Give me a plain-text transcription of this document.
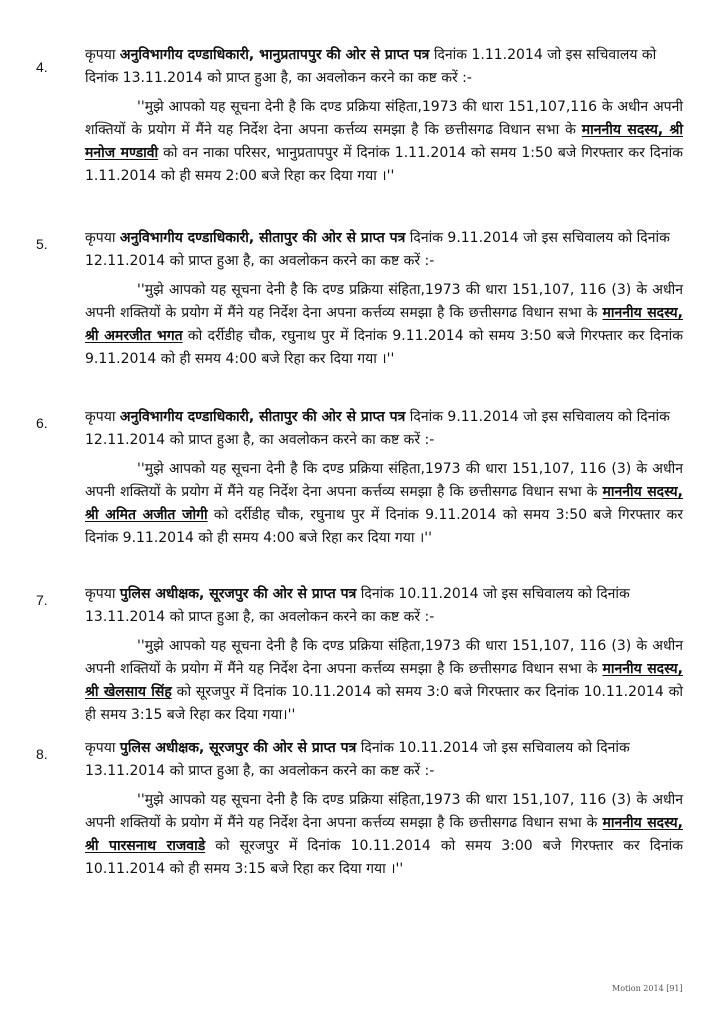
4.

कृपया अनुविभागीय दण्डाधिकारी, भानुप्रतापपुर की ओर से प्राप्त पत्र दिनांक 1.11.2014 जो इस सचिवालय को दिनांक 13.11.2014 को प्राप्त हुआ है, का अवलोकन करने का कष्ट करें :-

''मुझे आपको यह सूचना देनी है कि दण्ड प्रक्रिया संहिता,1973 की धारा 151,107,116 के अधीन अपनी शक्तियों के प्रयोग में मैंने यह निर्देश देना अपना कर्त्तव्य समझा है कि छत्तीसगढ विधान सभा के माननीय सदस्य, श्री मनोज मण्डावी को वन नाका परिसर, भानुप्रतापपुर में दिनांक 1.11.2014 को समय 1:50 बजे गिरफ्तार कर दिनांक 1.11.2014 को ही समय 2:00 बजे रिहा कर दिया गया ।''

5.	कृपया अनुविभागीय दण्डाधिकारी, सीतापुर की ओर से प्राप्त पत्र दिनांक 9.11.2014 जो इस सचिवालय को दिनांक 12.11.2014 को प्राप्त हुआ है, का अवलोकन करने का कष्ट करें :-

''मुझे आपको यह सूचना देनी है कि दण्ड प्रक्रिया संहिता,1973 की धारा 151,107, 116 (3) के अधीन अपनी शक्तियों के प्रयोग में मैंने यह निर्देश देना अपना कर्त्तव्य समझा है कि छत्तीसगढ विधान सभा के माननीय सदस्य, श्री अमरजीत भगत को दर्रीडीह चौक, रघुनाथ पुर में दिनांक 9.11.2014 को समय 3:50 बजे गिरफ्तार कर दिनांक 9.11.2014 को ही समय 4:00 बजे रिहा कर दिया गया ।''

6.	कृपया अनुविभागीय दण्डाधिकारी, सीतापुर की ओर से प्राप्त पत्र दिनांक 9.11.2014 जो इस सचिवालय को दिनांक 12.11.2014 को प्राप्त हुआ है, का अवलोकन करने का कष्ट करें :-

''मुझे आपको यह सूचना देनी है कि दण्ड प्रक्रिया संहिता,1973 की धारा 151,107, 116 (3) के अधीन अपनी शक्तियों के प्रयोग में मैंने यह निर्देश देना अपना कर्त्तव्य समझा है कि छत्तीसगढ विधान सभा के माननीय सदस्य, श्री अमित अजीत जोगी को दर्रीडीह चौक, रघुनाथ पुर में दिनांक 9.11.2014 को समय 3:50 बजे गिरफ्तार कर दिनांक 9.11.2014 को ही समय 4:00 बजे रिहा कर दिया गया ।''

7.	कृपया पुलिस अधीक्षक, सूरजपुर की ओर से प्राप्त पत्र दिनांक 10.11.2014 जो इस सचिवालय को दिनांक 13.11.2014 को प्राप्त हुआ है, का अवलोकन करने का कष्ट करें :-

''मुझे आपको यह सूचना देनी है कि दण्ड प्रक्रिया संहिता,1973 की धारा 151,107, 116 (3) के अधीन अपनी शक्तियों के प्रयोग में मैंने यह निर्देश देना अपना कर्त्तव्य समझा है कि छत्तीसगढ विधान सभा के माननीय सदस्य, श्री खेलसाय सिंह को सूरजपुर में दिनांक 10.11.2014 को समय 3:0 बजे गिरफ्तार कर दिनांक 10.11.2014 को ही समय 3:15 बजे रिहा कर दिया गया।''

8.	कृपया पुलिस अधीक्षक, सूरजपुर की ओर से प्राप्त पत्र दिनांक 10.11.2014 जो इस सचिवालय को दिनांक 13.11.2014 को प्राप्त हुआ है, का अवलोकन करने का कष्ट करें :-

''मुझे आपको यह सूचना देनी है कि दण्ड प्रक्रिया संहिता,1973 की धारा 151,107, 116 (3) के अधीन अपनी शक्तियों के प्रयोग में मैंने यह निर्देश देना अपना कर्त्तव्य समझा है कि छत्तीसगढ विधान सभा के माननीय सदस्य, श्री पारसनाथ राजवाडे को सूरजपुर में दिनांक 10.11.2014 को समय 3:00 बजे गिरफ्तार कर दिनांक 10.11.2014 को ही समय 3:15 बजे रिहा कर दिया गया ।''

Motion 2014 [91]
